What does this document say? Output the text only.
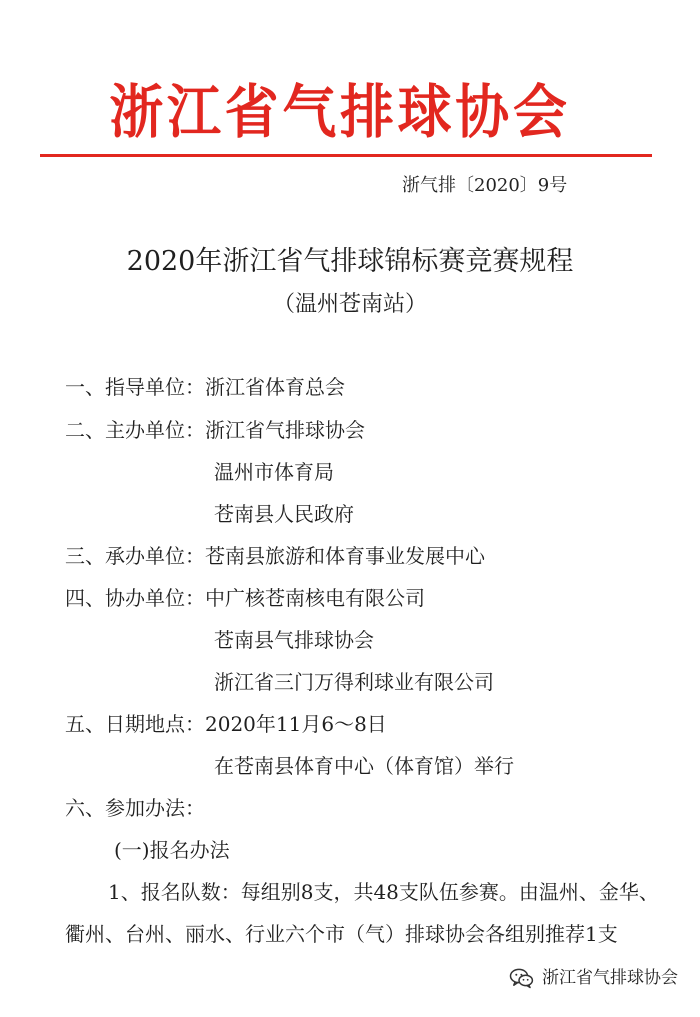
浙江省气排球协会
浙气排〔2020〕9号
2020年浙江省气排球锦标赛竞赛规程
（温州苍南站）
一、指导单位：浙江省体育总会
二、主办单位：浙江省气排球协会
温州市体育局
苍南县人民政府
三、承办单位：苍南县旅游和体育事业发展中心
四、协办单位：中广核苍南核电有限公司
苍南县气排球协会
浙江省三门万得利球业有限公司
五、日期地点：2020年11月6～8日
在苍南县体育中心（体育馆）举行
六、参加办法：
(一)报名办法
1、报名队数：每组别8支，共48支队伍参赛。由温州、金华、
衢州、台州、丽水、行业六个市（气）排球协会各组别推荐1支
浙江省气排球协会
